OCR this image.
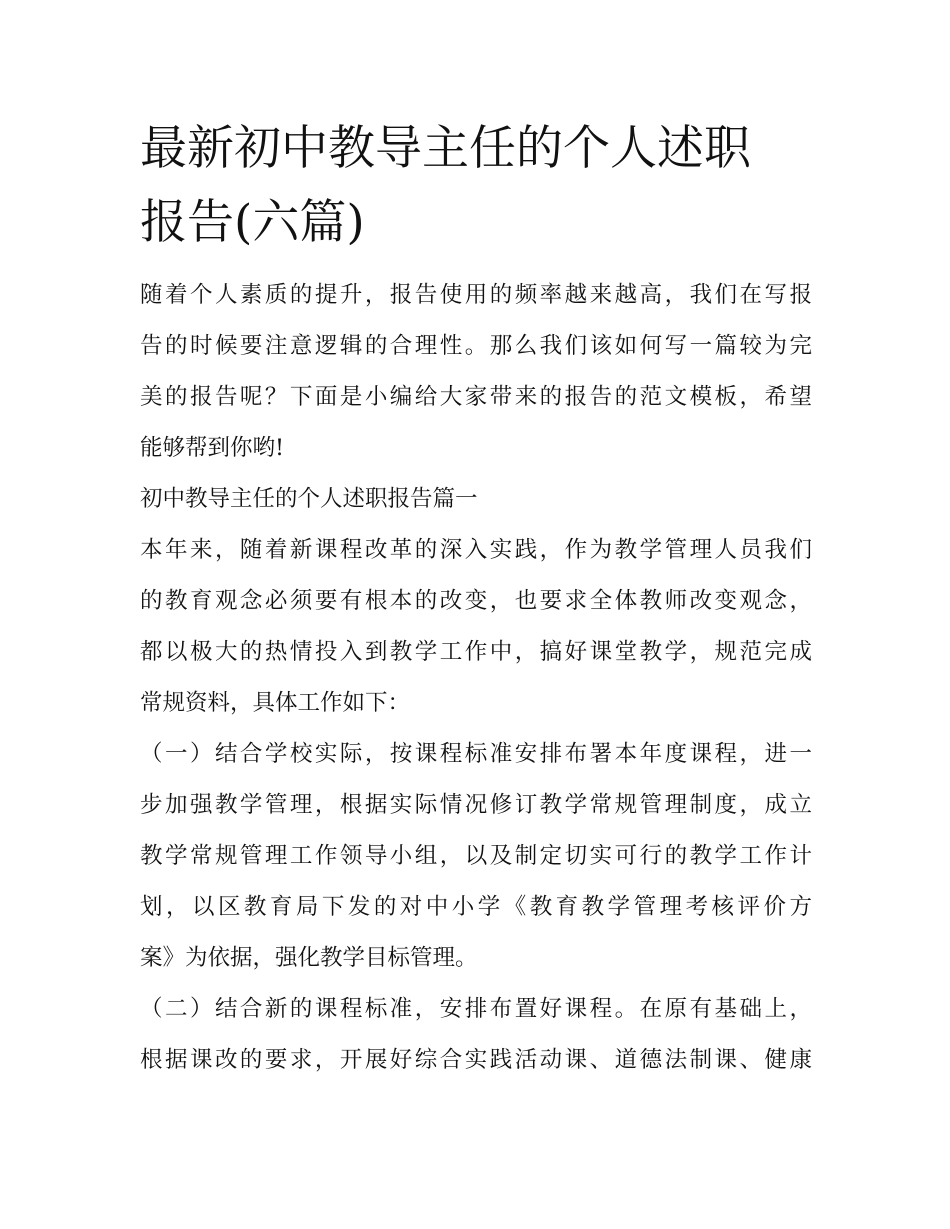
最新初中教导主任的个人述职
报告(六篇)
随着个人素质的提升，报告使用的频率越来越高，我们在写报
告的时候要注意逻辑的合理性。那么我们该如何写一篇较为完
美的报告呢？下面是小编给大家带来的报告的范文模板，希望
能够帮到你哟!
初中教导主任的个人述职报告篇一
本年来，随着新课程改革的深入实践，作为教学管理人员我们
的教育观念必须要有根本的改变，也要求全体教师改变观念，
都以极大的热情投入到教学工作中，搞好课堂教学，规范完成
常规资料，具体工作如下：
（一）结合学校实际，按课程标准安排布署本年度课程，进一
步加强教学管理，根据实际情况修订教学常规管理制度，成立
教学常规管理工作领导小组，以及制定切实可行的教学工作计
划，以区教育局下发的对中小学《教育教学管理考核评价方
案》为依据，强化教学目标管理。
（二）结合新的课程标准，安排布置好课程。在原有基础上，
根据课改的要求，开展好综合实践活动课、道德法制课、健康
